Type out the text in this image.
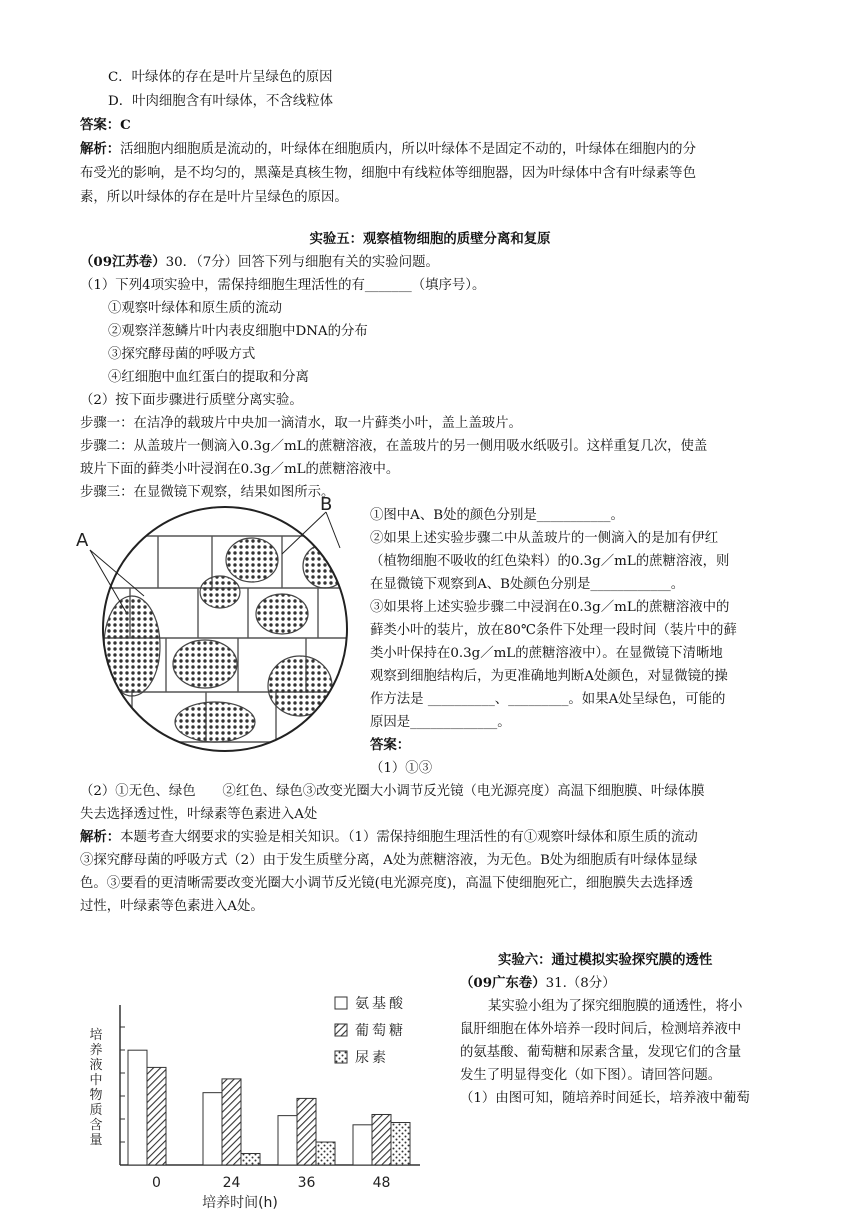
C．叶绿体的存在是叶片呈绿色的原因
D．叶肉细胞含有叶绿体，不含线粒体
答案：C
解析：活细胞内细胞质是流动的，叶绿体在细胞质内，所以叶绿体不是固定不动的，叶绿体在细胞内的分
布受光的影响，是不均匀的，黑藻是真核生物，细胞中有线粒体等细胞器，因为叶绿体中含有叶绿素等色
素，所以叶绿体的存在是叶片呈绿色的原因。
实验五：观察植物细胞的质壁分离和复原
（09江苏卷）30．（7分）回答下列与细胞有关的实验问题。
（1）下列4项实验中，需保持细胞生理活性的有_______（填序号）。
①观察叶绿体和原生质的流动
②观察洋葱鳞片叶内表皮细胞中DNA的分布
③探究酵母菌的呼吸方式
④红细胞中血红蛋白的提取和分离
（2）按下面步骤进行质壁分离实验。
步骤一：在洁净的载玻片中央加一滴清水，取一片藓类小叶，盖上盖玻片。
步骤二：从盖玻片一侧滴入0.3g／mL的蔗糖溶液，在盖玻片的另一侧用吸水纸吸引。这样重复几次，使盖
玻片下面的藓类小叶浸润在0.3g／mL的蔗糖溶液中。
步骤三：在显微镜下观察，结果如图所示。
A
B
①图中A、B处的颜色分别是___________。
②如果上述实验步骤二中从盖玻片的一侧滴入的是加有伊红
（植物细胞不吸收的红色染料）的0.3g／mL的蔗糖溶液，则
在显微镜下观察到A、B处颜色分别是____________。
③如果将上述实验步骤二中浸润在0.3g／mL的蔗糖溶液中的
藓类小叶的装片，放在80℃条件下处理一段时间（装片中的藓
类小叶保持在0.3g／mL的蔗糖溶液中）。在显微镜下清晰地
观察到细胞结构后，为更准确地判断A处颜色，对显微镜的操
作方法是 __________、_________。如果A处呈绿色，可能的
原因是_____________。
答案：
（1）①③
（2）①无色、绿色　　②红色、绿色③改变光圈大小调节反光镜（电光源亮度）高温下细胞膜、叶绿体膜
失去选择透过性，叶绿素等色素进入A处
解析：本题考查大纲要求的实验是相关知识。（1）需保持细胞生理活性的有①观察叶绿体和原生质的流动
③探究酵母菌的呼吸方式（2）由于发生质壁分离，A处为蔗糖溶液，为无色。B处为细胞质有叶绿体显绿
色。③要看的更清晰需要改变光圈大小调节反光镜(电光源亮度)，高温下使细胞死亡，细胞膜失去选择透
过性，叶绿素等色素进入A处。
实验六：通过模拟实验探究膜的透性
（09广东卷）31.（8分）
某实验小组为了探究细胞膜的通透性，将小
鼠肝细胞在体外培养一段时间后，检测培养液中
的氨基酸、葡萄糖和尿素含量，发现它们的含量
发生了明显得变化（如下图）。请回答问题。
（1）由图可知，随培养时间延长，培养液中葡萄
0	24	36	48
培养液中物质含量
培养时间(h)
氨基酸
葡萄糖
尿素
